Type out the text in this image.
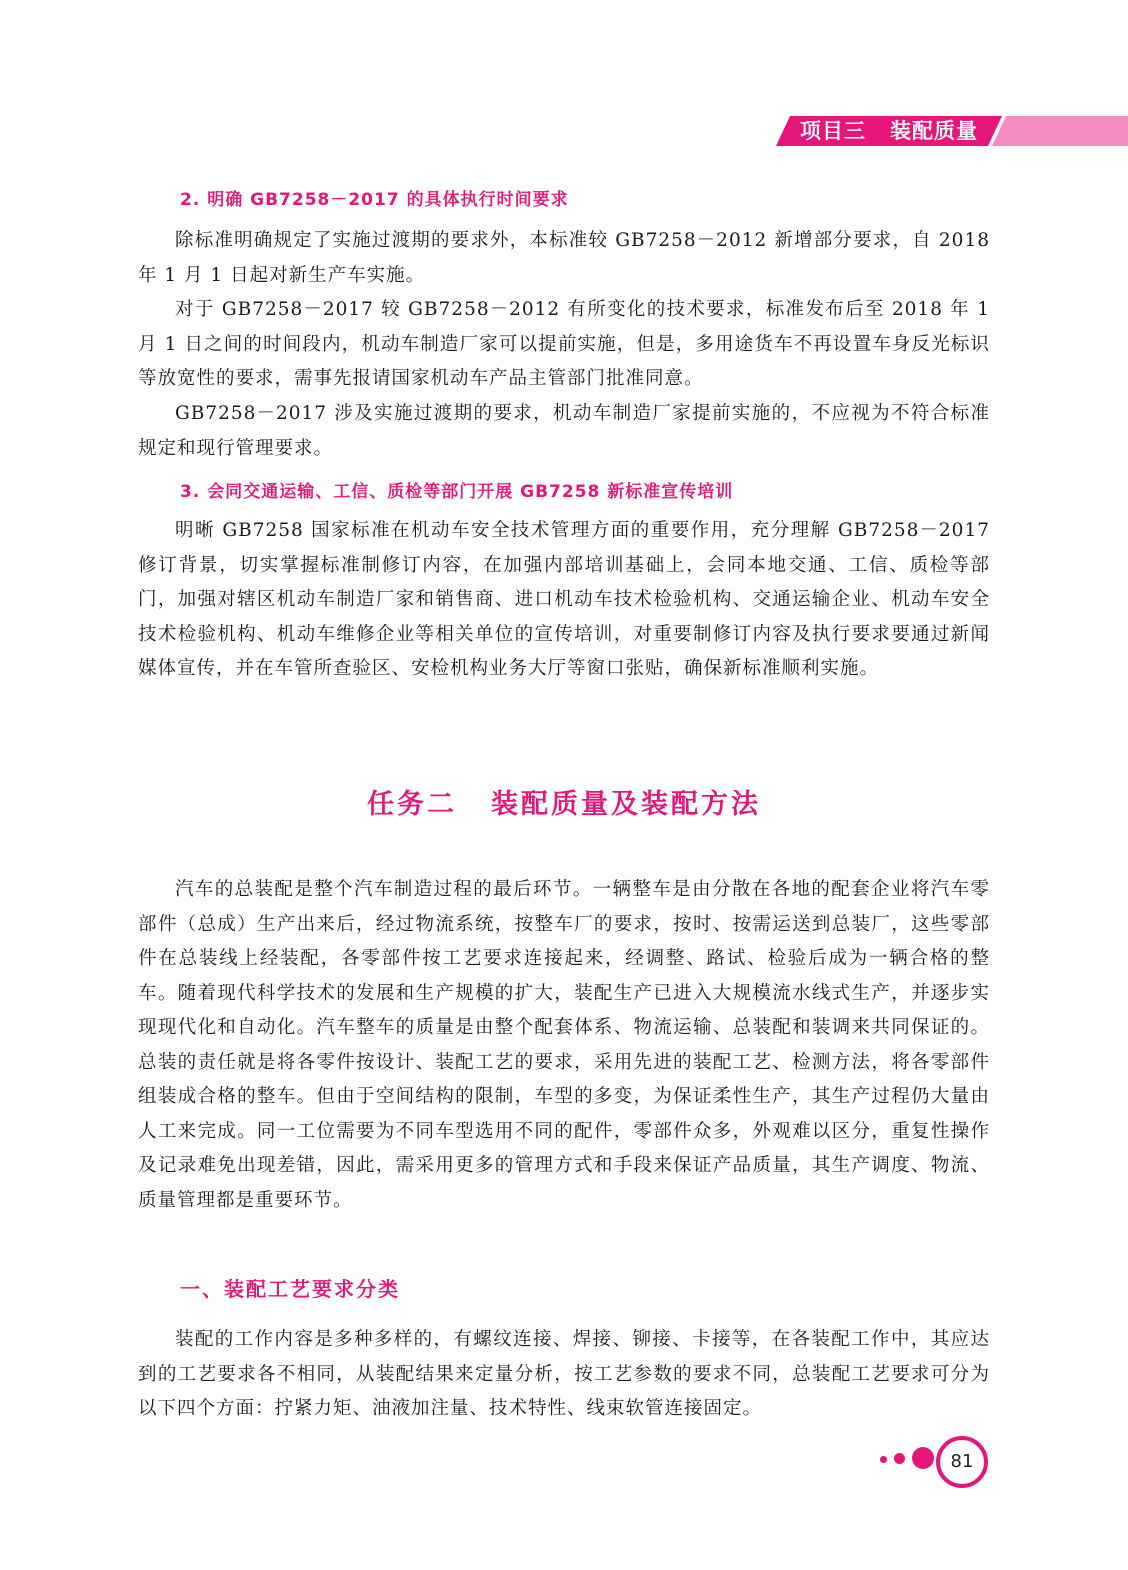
项目三 装配质量
2. 明确 GB7258－2017 的具体执行时间要求

除标准明确规定了实施过渡期的要求外，本标准较 GB7258－2012 新增部分要求，自 2018 年 1 月 1 日起对新生产车实施。

对于 GB7258－2017 较 GB7258－2012 有所变化的技术要求，标准发布后至 2018 年 1 月 1 日之间的时间段内，机动车制造厂家可以提前实施，但是，多用途货车不再设置车身反光标识等放宽性的要求，需事先报请国家机动车产品主管部门批准同意。

GB7258－2017 涉及实施过渡期的要求，机动车制造厂家提前实施的，不应视为不符合标准规定和现行管理要求。

3. 会同交通运输、工信、质检等部门开展 GB7258 新标准宣传培训

明晰 GB7258 国家标准在机动车安全技术管理方面的重要作用，充分理解 GB7258－2017 修订背景，切实掌握标准制修订内容，在加强内部培训基础上，会同本地交通、工信、质检等部门，加强对辖区机动车制造厂家和销售商、进口机动车技术检验机构、交通运输企业、机动车安全技术检验机构、机动车维修企业等相关单位的宣传培训，对重要制修订内容及执行要求要通过新闻媒体宣传，并在车管所查验区、安检机构业务大厅等窗口张贴，确保新标准顺利实施。

任务二 装配质量及装配方法

汽车的总装配是整个汽车制造过程的最后环节。一辆整车是由分散在各地的配套企业将汽车零部件（总成）生产出来后，经过物流系统，按整车厂的要求，按时、按需运送到总装厂，这些零部件在总装线上经装配，各零部件按工艺要求连接起来，经调整、路试、检验后成为一辆合格的整车。随着现代科学技术的发展和生产规模的扩大，装配生产已进入大规模流水线式生产，并逐步实现现代化和自动化。汽车整车的质量是由整个配套体系、物流运输、总装配和装调来共同保证的。总装的责任就是将各零件按设计、装配工艺的要求，采用先进的装配工艺、检测方法，将各零部件组装成合格的整车。但由于空间结构的限制，车型的多变，为保证柔性生产，其生产过程仍大量由人工来完成。同一工位需要为不同车型选用不同的配件，零部件众多，外观难以区分，重复性操作及记录难免出现差错，因此，需采用更多的管理方式和手段来保证产品质量，其生产调度、物流、质量管理都是重要环节。

一、装配工艺要求分类

装配的工作内容是多种多样的，有螺纹连接、焊接、铆接、卡接等，在各装配工作中，其应达到的工艺要求各不相同，从装配结果来定量分析，按工艺参数的要求不同，总装配工艺要求可分为以下四个方面：拧紧力矩、油液加注量、技术特性、线束软管连接固定。

81
